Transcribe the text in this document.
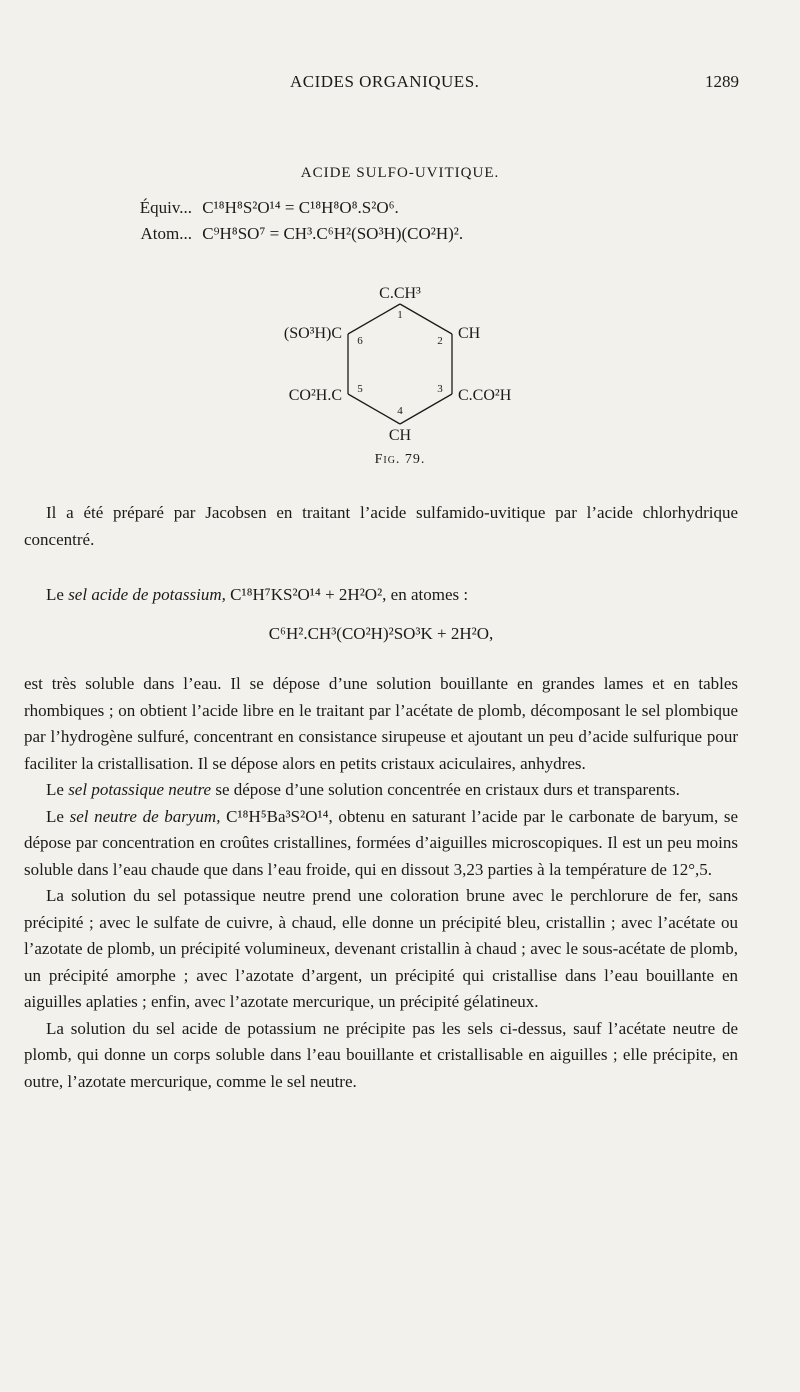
ACIDES ORGANIQUES.	1289
ACIDE SULFO-UVITIQUE.
Équiv... C¹⁸H⁸S²O¹⁴ = C¹⁸H⁸O⁸.S²O⁶.
Atom... C⁹H⁸SO⁷ = CH³.C⁶H²(SO³H)(CO²H)².
C.CH³
(SO³H)C	CH
CO²H.C	C.CO²H
CH
1
2
3
4
5
6
Fig. 79.

Il a été préparé par Jacobsen en traitant l’acide sulfamido-uvitique par l’acide chlorhydrique concentré.

Le sel acide de potassium, C¹⁸H⁷KS²O¹⁴ + 2H²O², en atomes :

C⁶H².CH³(CO²H)²SO³K + 2H²O,

est très soluble dans l’eau. Il se dépose d’une solution bouillante en grandes lames et en tables rhombiques ; on obtient l’acide libre en le traitant par l’acétate de plomb, décomposant le sel plombique par l’hydrogène sulfuré, concentrant en consistance sirupeuse et ajoutant un peu d’acide sulfurique pour faciliter la cristallisation. Il se dépose alors en petits cristaux aciculaires, anhydres.

Le sel potassique neutre se dépose d’une solution concentrée en cristaux durs et transparents.

Le sel neutre de baryum, C¹⁸H⁵Ba³S²O¹⁴, obtenu en saturant l’acide par le carbonate de baryum, se dépose par concentration en croûtes cristallines, formées d’aiguilles microscopiques. Il est un peu moins soluble dans l’eau chaude que dans l’eau froide, qui en dissout 3,23 parties à la température de 12°,5.

La solution du sel potassique neutre prend une coloration brune avec le perchlorure de fer, sans précipité ; avec le sulfate de cuivre, à chaud, elle donne un précipité bleu, cristallin ; avec l’acétate ou l’azotate de plomb, un précipité volumineux, devenant cristallin à chaud ; avec le sous-acétate de plomb, un précipité amorphe ; avec l’azotate d’argent, un précipité qui cristallise dans l’eau bouillante en aiguilles aplaties ; enfin, avec l’azotate mercurique, un précipité gélatineux.

La solution du sel acide de potassium ne précipite pas les sels ci-dessus, sauf l’acétate neutre de plomb, qui donne un corps soluble dans l’eau bouillante et cristallisable en aiguilles ; elle précipite, en outre, l’azotate mercurique, comme le sel neutre.
